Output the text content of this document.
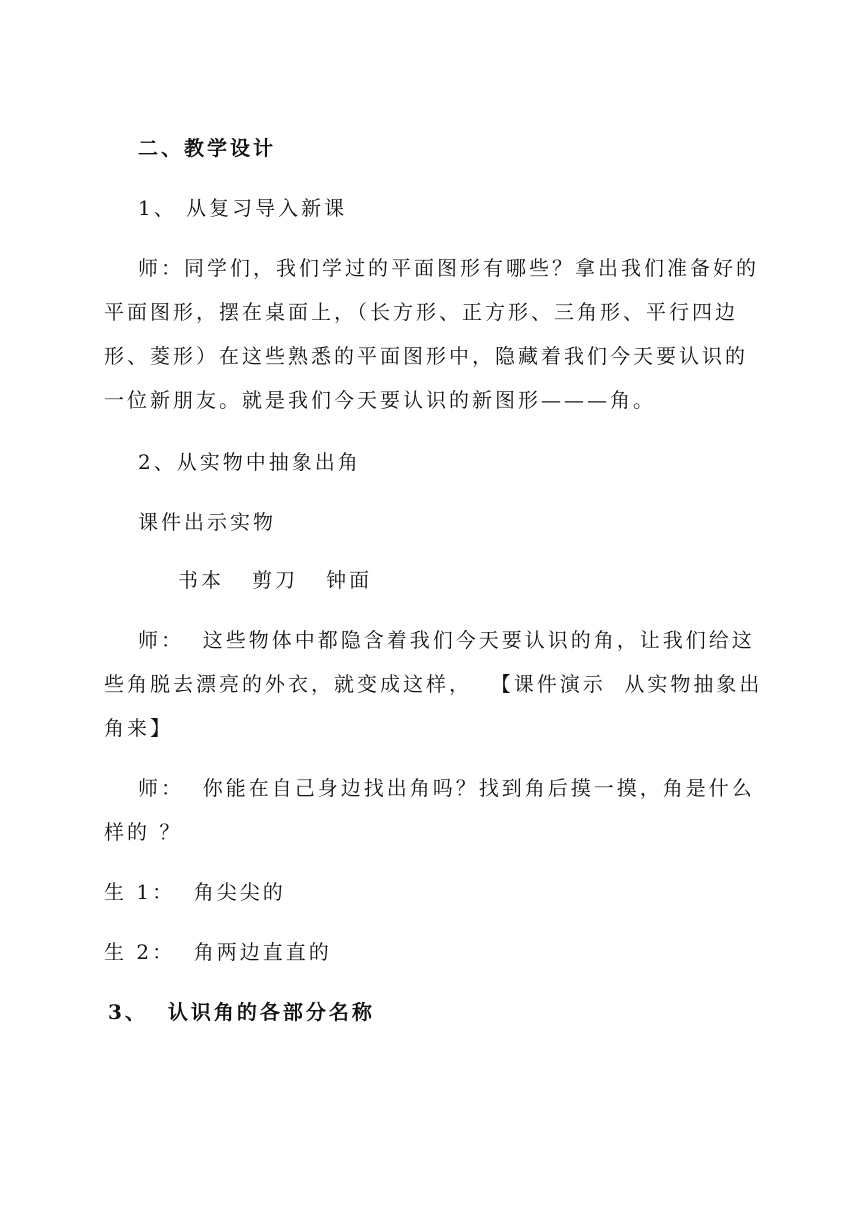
二、教学设计
1、 从复习导入新课
师：同学们，我们学过的平面图形有哪些？拿出我们准备好的
平面图形，摆在桌面上，（长方形、正方形、三角形、平行四边
形、菱形）在这些熟悉的平面图形中，隐藏着我们今天要认识的
一位新朋友。就是我们今天要认识的新图形———角。
2、从实物中抽象出角
课件出示实物
书本   剪刀   钟面
师：  这些物体中都隐含着我们今天要认识的角，让我们给这
些角脱去漂亮的外衣，就变成这样，  【课件演示  从实物抽象出
角来】
师：  你能在自己身边找出角吗？找到角后摸一摸，角是什么
样的 ？
生 1：  角尖尖的
生 2：  角两边直直的
3、  认识角的各部分名称
